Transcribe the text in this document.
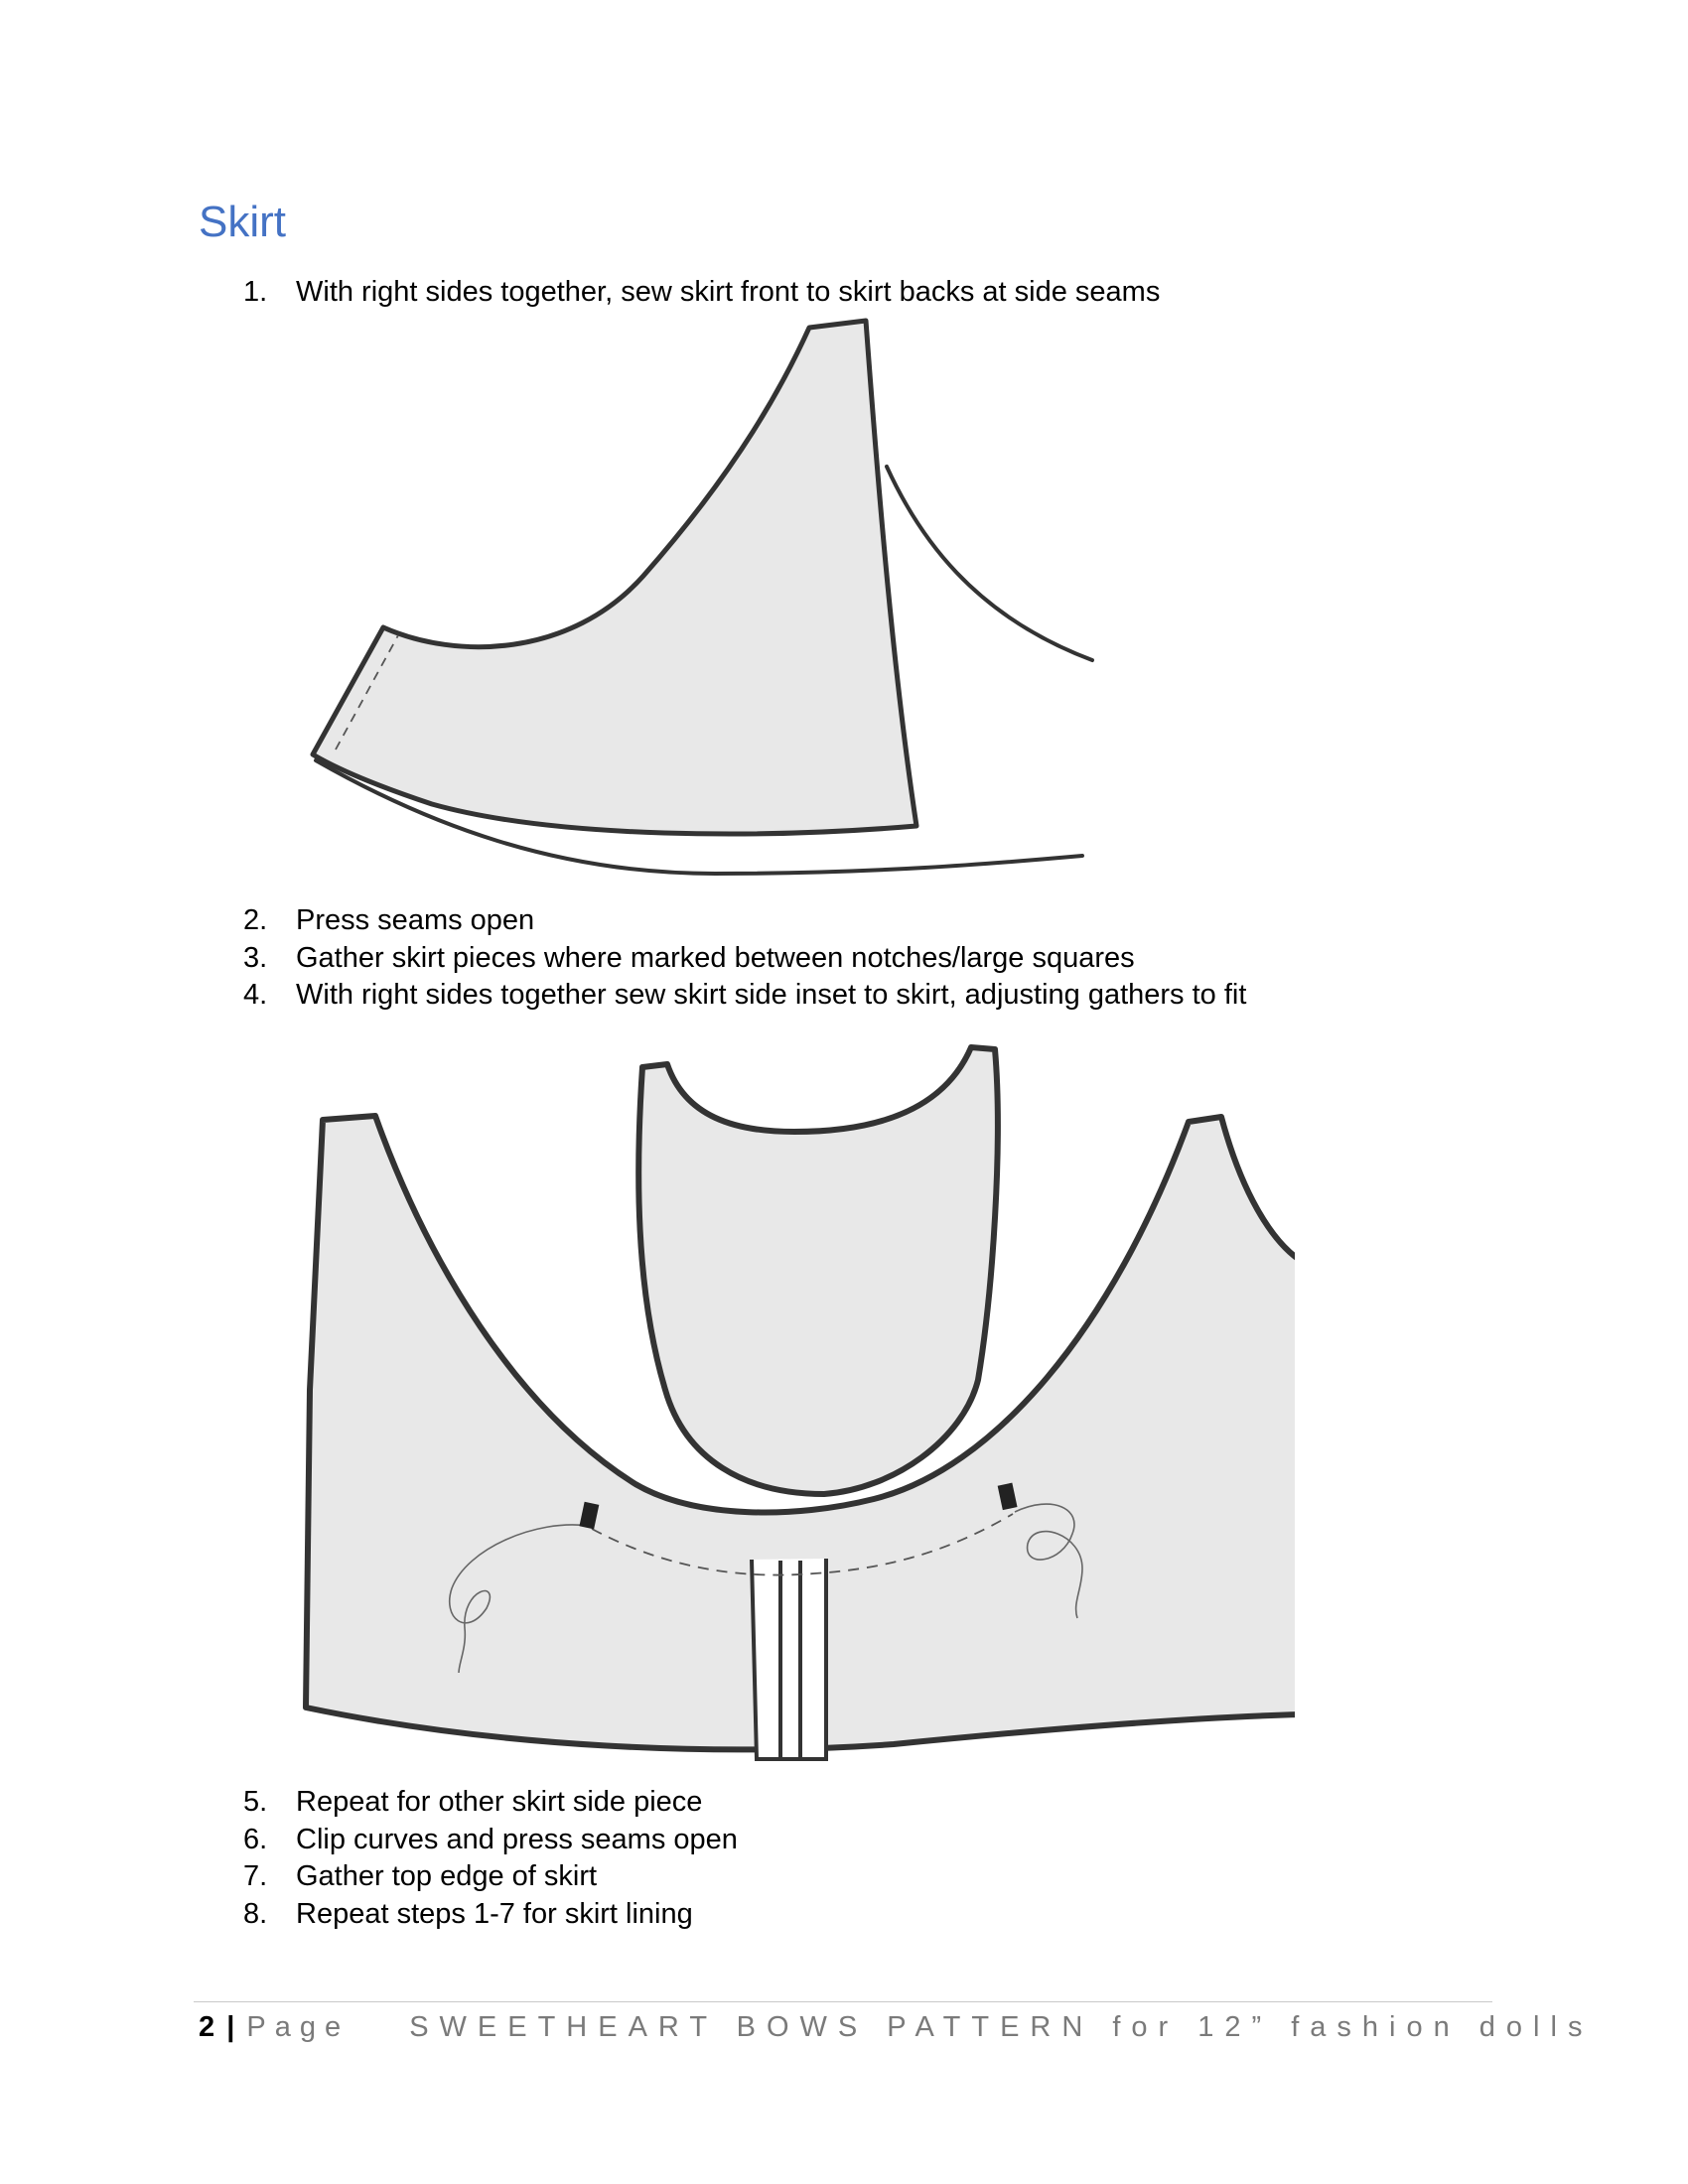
Skirt
1. With right sides together, sew skirt front to skirt backs at side seams
2. Press seams open
3. Gather skirt pieces where marked between notches/large squares
4. With right sides together sew skirt side inset to skirt, adjusting gathers to fit
5. Repeat for other skirt side piece
6. Clip curves and press seams open
7. Gather top edge of skirt
8. Repeat steps 1-7 for skirt lining
2 | Page SWEETHEART BOWS PATTERN for 12” fashion dolls
